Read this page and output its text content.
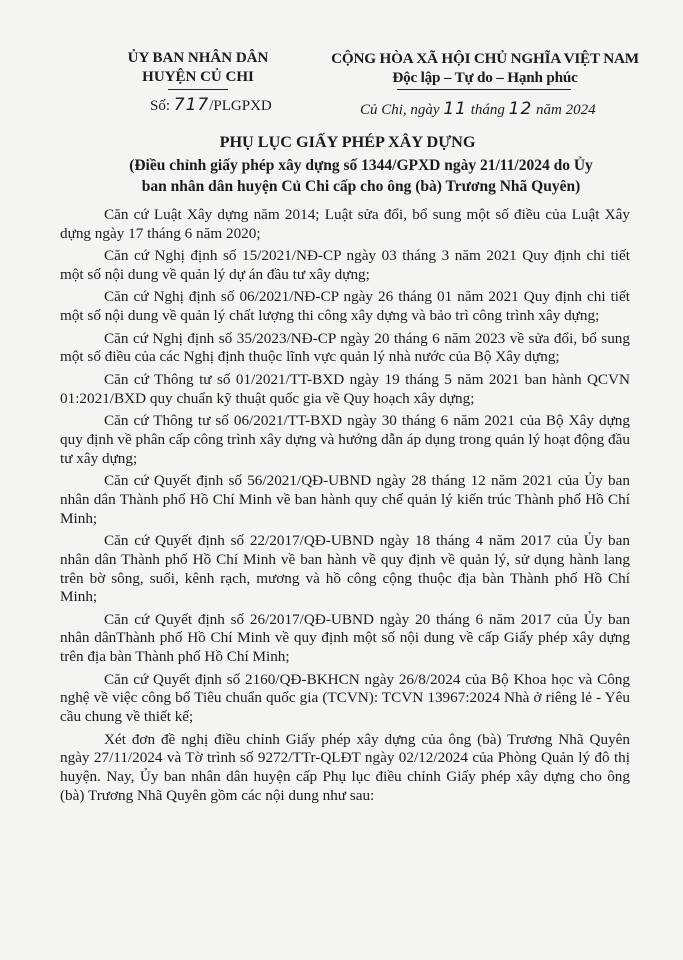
ỦY BAN NHÂN DÂN
HUYỆN CỦ CHI
CỘNG HÒA XÃ HỘI CHỦ NGHĨA VIỆT NAM
Độc lập – Tự do – Hạnh phúc
Số: 717/PLGPXD	Củ Chi, ngày 11 tháng 12 năm 2024
PHỤ LỤC GIẤY PHÉP XÂY DỰNG
(Điều chỉnh giấy phép xây dựng số 1344/GPXD ngày 21/11/2024 do Ủy
ban nhân dân huyện Củ Chi cấp cho ông (bà) Trương Nhã Quyên)

Căn cứ Luật Xây dựng năm 2014; Luật sửa đổi, bổ sung một số điều của Luật Xây dựng ngày 17 tháng 6 năm 2020;

Căn cứ Nghị định số 15/2021/NĐ-CP ngày 03 tháng 3 năm 2021 Quy định chi tiết một số nội dung về quản lý dự án đầu tư xây dựng;

Căn cứ Nghị định số 06/2021/NĐ-CP ngày 26 tháng 01 năm 2021 Quy định chi tiết một số nội dung về quản lý chất lượng thi công xây dựng và bảo trì công trình xây dựng;

Căn cứ Nghị định số 35/2023/NĐ-CP ngày 20 tháng 6 năm 2023 về sửa đổi, bổ sung một số điều của các Nghị định thuộc lĩnh vực quản lý nhà nước của Bộ Xây dựng;

Căn cứ Thông tư số 01/2021/TT-BXD ngày 19 tháng 5 năm 2021 ban hành QCVN 01:2021/BXD quy chuẩn kỹ thuật quốc gia về Quy hoạch xây dựng;

Căn cứ Thông tư số 06/2021/TT-BXD ngày 30 tháng 6 năm 2021 của Bộ Xây dựng quy định về phân cấp công trình xây dựng và hướng dẫn áp dụng trong quản lý hoạt động đầu tư xây dựng;

Căn cứ Quyết định số 56/2021/QĐ-UBND ngày 28 tháng 12 năm 2021 của Ủy ban nhân dân Thành phố Hồ Chí Minh về ban hành quy chế quản lý kiến trúc Thành phố Hồ Chí Minh;

Căn cứ Quyết định số 22/2017/QĐ-UBND ngày 18 tháng 4 năm 2017 của Ủy ban nhân dân Thành phố Hồ Chí Minh về ban hành về quy định về quản lý, sử dụng hành lang trên bờ sông, suối, kênh rạch, mương và hồ công cộng thuộc địa bàn Thành phố Hồ Chí Minh;

Căn cứ Quyết định số 26/2017/QĐ-UBND ngày 20 tháng 6 năm 2017 của Ủy ban nhân dânThành phố Hồ Chí Minh về quy định một số nội dung về cấp Giấy phép xây dựng trên địa bàn Thành phố Hồ Chí Minh;

Căn cứ Quyết định số 2160/QĐ-BKHCN ngày 26/8/2024 của Bộ Khoa học và Công nghệ về việc công bố Tiêu chuẩn quốc gia (TCVN): TCVN 13967:2024 Nhà ở riêng lẻ - Yêu cầu chung về thiết kế;

Xét đơn đề nghị điều chỉnh Giấy phép xây dựng của ông (bà) Trương Nhã Quyên ngày 27/11/2024 và Tờ trình số 9272/TTr-QLĐT ngày 02/12/2024 của Phòng Quản lý đô thị huyện. Nay, Ủy ban nhân dân huyện cấp Phụ lục điều chỉnh Giấy phép xây dựng cho ông (bà) Trương Nhã Quyên gồm các nội dung như sau:
